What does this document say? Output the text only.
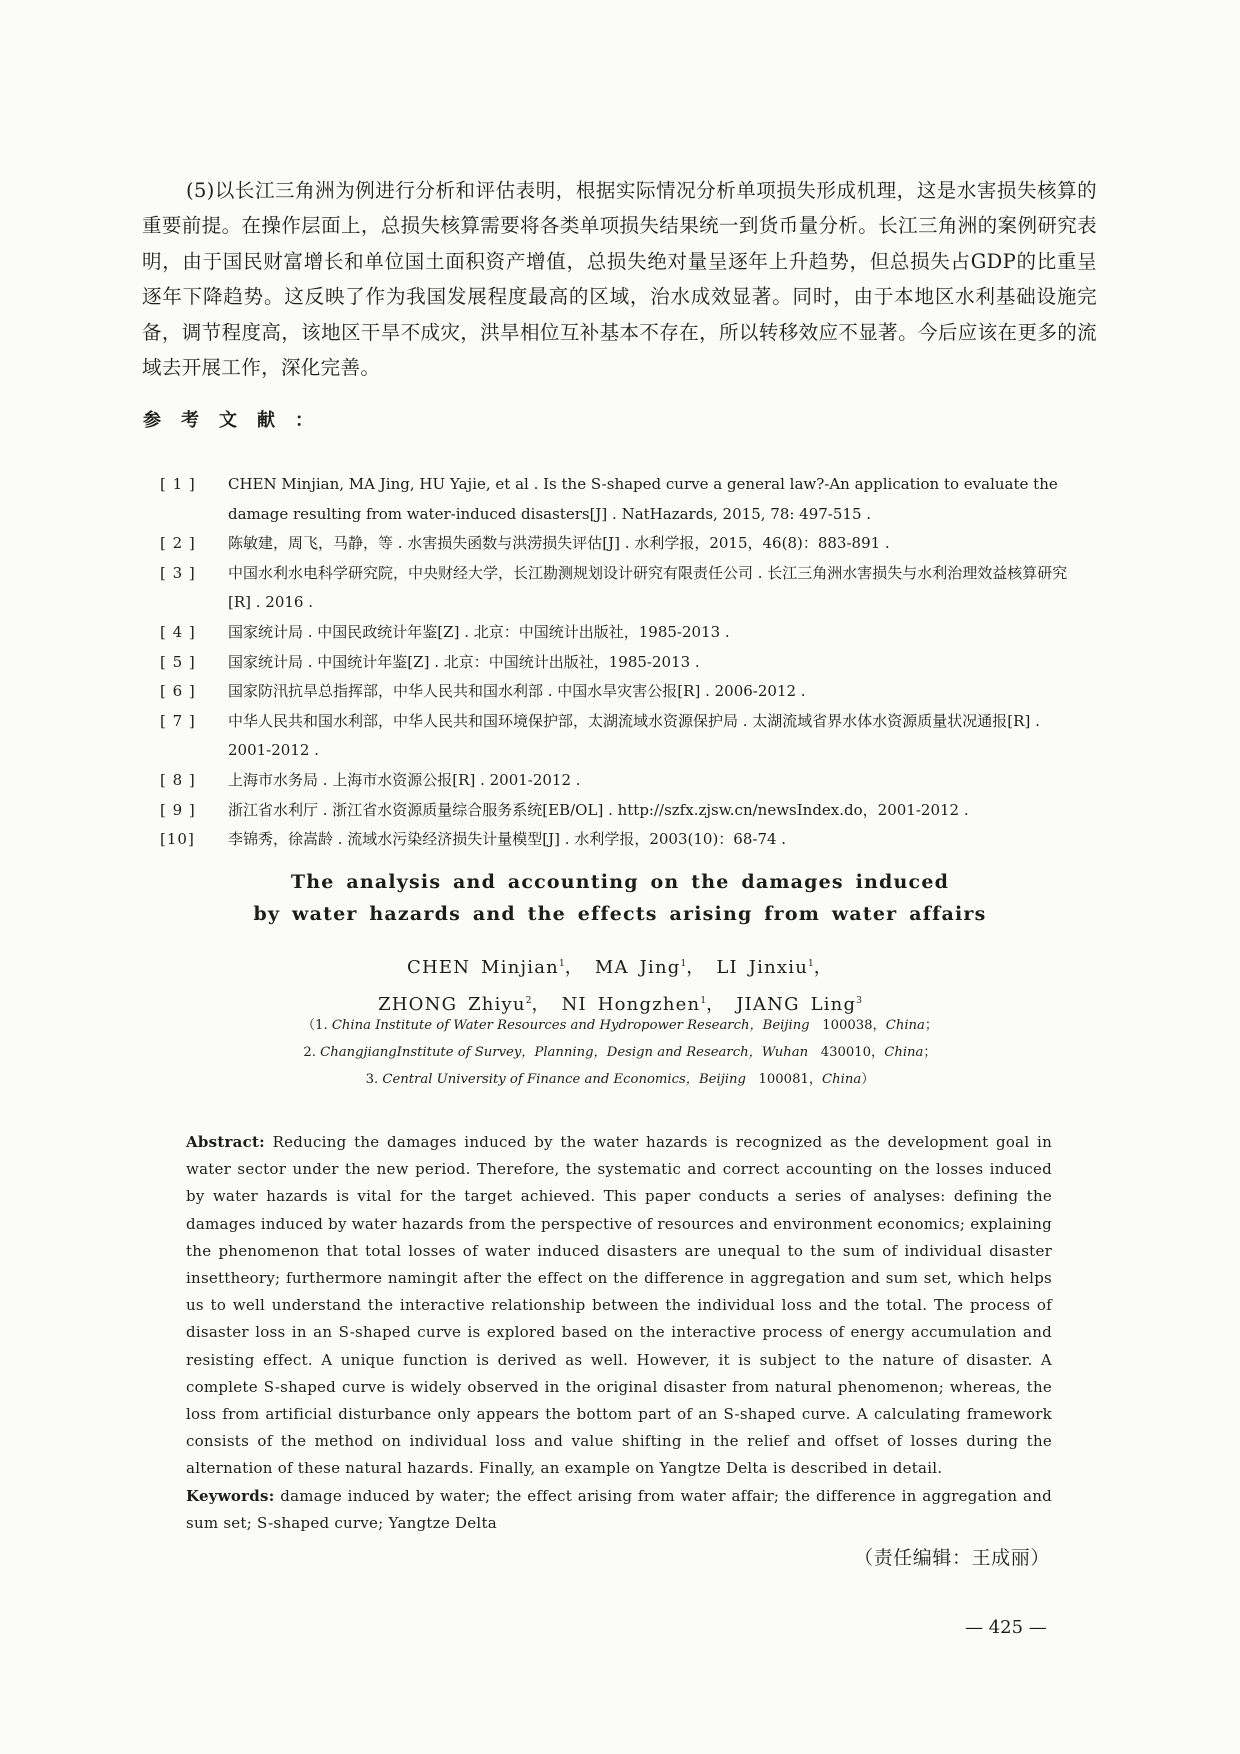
(5)以长江三角洲为例进行分析和评估表明，根据实际情况分析单项损失形成机理，这是水害损失核算的重要前提。在操作层面上，总损失核算需要将各类单项损失结果统一到货币量分析。长江三角洲的案例研究表明，由于国民财富增长和单位国土面积资产增值，总损失绝对量呈逐年上升趋势，但总损失占GDP的比重呈逐年下降趋势。这反映了作为我国发展程度最高的区域，治水成效显著。同时，由于本地区水利基础设施完备，调节程度高，该地区干旱不成灾，洪旱相位互补基本不存在，所以转移效应不显著。今后应该在更多的流域去开展工作，深化完善。

参考文献：
[ 1 ]	CHEN Minjian, MA Jing, HU Yajie, et al . Is the S-shaped curve a general law?-An application to evaluate the damage resulting from water-induced disasters[J] . NatHazards, 2015, 78: 497-515 .
[ 2 ]	陈敏建，周飞，马静，等 . 水害损失函数与洪涝损失评估[J] . 水利学报，2015，46(8)：883-891 .
[ 3 ]	中国水利水电科学研究院，中央财经大学，长江勘测规划设计研究有限责任公司 . 长江三角洲水害损失与水利治理效益核算研究[R] . 2016 .
[ 4 ]	国家统计局 . 中国民政统计年鉴[Z] . 北京：中国统计出版社，1985-2013 .
[ 5 ]	国家统计局 . 中国统计年鉴[Z] . 北京：中国统计出版社，1985-2013 .
[ 6 ]	国家防汛抗旱总指挥部，中华人民共和国水利部 . 中国水旱灾害公报[R] . 2006-2012 .
[ 7 ]	中华人民共和国水利部，中华人民共和国环境保护部，太湖流域水资源保护局 . 太湖流域省界水体水资源质量状况通报[R] . 2001-2012 .
[ 8 ]	上海市水务局 . 上海市水资源公报[R] . 2001-2012 .
[ 9 ]	浙江省水利厅 . 浙江省水资源质量综合服务系统[EB/OL] . http://szfx.zjsw.cn/newsIndex.do，2001-2012 .
[10]	李锦秀，徐嵩龄 . 流域水污染经济损失计量模型[J] . 水利学报，2003(10)：68-74 .
The analysis and accounting on the damages induced
by water hazards and the effects arising from water affairs
CHEN Minjian$^1$， MA Jing$^1$， LI Jinxiu$^1$，
ZHONG Zhiyu$^2$， NI Hongzhen$^1$， JIANG Ling$^3$
（1. China Institute of Water Resources and Hydropower Research，Beijing 100038，China；
2. ChangjiangInstitute of Survey，Planning，Design and Research，Wuhan 430010，China；
3. Central University of Finance and Economics，Beijing 100081，China）
Abstract: Reducing the damages induced by the water hazards is recognized as the development goal in water sector under the new period. Therefore, the systematic and correct accounting on the losses induced by water hazards is vital for the target achieved. This paper conducts a series of analyses: defining the damages induced by water hazards from the perspective of resources and environment economics; explaining the phenomenon that total losses of water induced disasters are unequal to the sum of individual disaster insettheory; furthermore namingit after the effect on the difference in aggregation and sum set, which helps us to well understand the interactive relationship between the individual loss and the total. The process of disaster loss in an S-shaped curve is explored based on the interactive process of energy accumulation and resisting effect. A unique function is derived as well. However, it is subject to the nature of disaster. A complete S-shaped curve is widely observed in the original disaster from natural phenomenon; whereas, the loss from artificial disturbance only appears the bottom part of an S-shaped curve. A calculating framework consists of the method on individual loss and value shifting in the relief and offset of losses during the alternation of these natural hazards. Finally, an example on Yangtze Delta is described in detail.
Keywords: damage induced by water; the effect arising from water affair; the difference in aggregation and sum set; S-shaped curve; Yangtze Delta

（责任编辑：王成丽）

— 425 —
